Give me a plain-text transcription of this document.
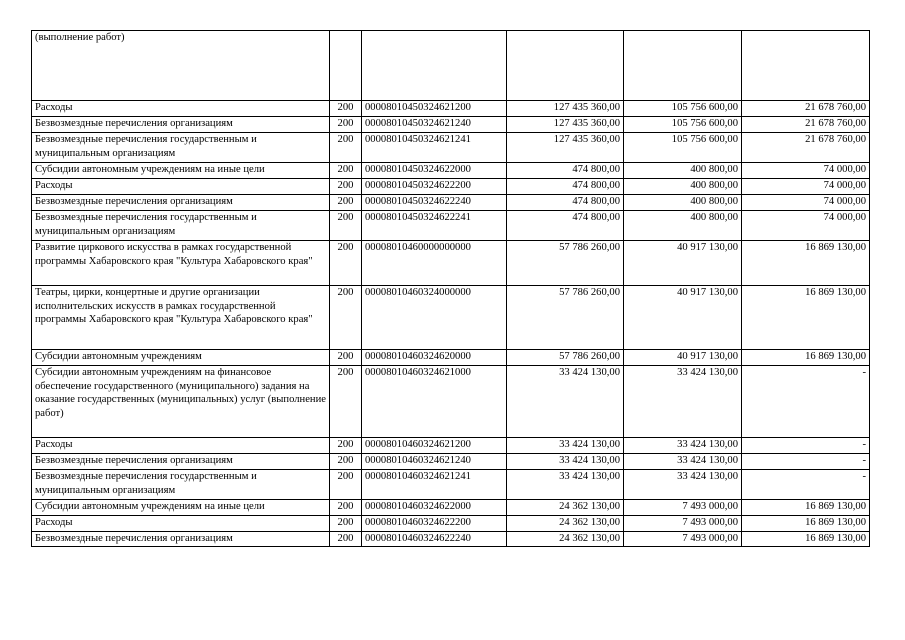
(выполнение работ)					
Расходы	200	00008010450324621200	127 435 360,00	105 756 600,00	21 678 760,00
Безвозмездные перечисления организациям	200	00008010450324621240	127 435 360,00	105 756 600,00	21 678 760,00
Безвозмездные перечисления государственным и муниципальным организациям	200	00008010450324621241	127 435 360,00	105 756 600,00	21 678 760,00
Субсидии автономным учреждениям на иные цели	200	00008010450324622000	474 800,00	400 800,00	74 000,00
Расходы	200	00008010450324622200	474 800,00	400 800,00	74 000,00
Безвозмездные перечисления организациям	200	00008010450324622240	474 800,00	400 800,00	74 000,00
Безвозмездные перечисления государственным и муниципальным организациям	200	00008010450324622241	474 800,00	400 800,00	74 000,00
Развитие циркового искусства в рамках государственной программы Хабаровского края "Культура Хабаровского края"	200	00008010460000000000	57 786 260,00	40 917 130,00	16 869 130,00
Театры, цирки, концертные и другие организации исполнительских искусств в рамках государственной программы Хабаровского края "Культура Хабаровского края"	200	00008010460324000000	57 786 260,00	40 917 130,00	16 869 130,00
Субсидии автономным учреждениям	200	00008010460324620000	57 786 260,00	40 917 130,00	16 869 130,00
Субсидии автономным учреждениям на финансовое обеспечение государственного (муниципального) задания на оказание государственных (муниципальных) услуг (выполнение работ)	200	00008010460324621000	33 424 130,00	33 424 130,00	-
Расходы	200	00008010460324621200	33 424 130,00	33 424 130,00	-
Безвозмездные перечисления организациям	200	00008010460324621240	33 424 130,00	33 424 130,00	-
Безвозмездные перечисления государственным и муниципальным организациям	200	00008010460324621241	33 424 130,00	33 424 130,00	-
Субсидии автономным учреждениям на иные цели	200	00008010460324622000	24 362 130,00	7 493 000,00	16 869 130,00
Расходы	200	00008010460324622200	24 362 130,00	7 493 000,00	16 869 130,00
Безвозмездные перечисления организациям	200	00008010460324622240	24 362 130,00	7 493 000,00	16 869 130,00
